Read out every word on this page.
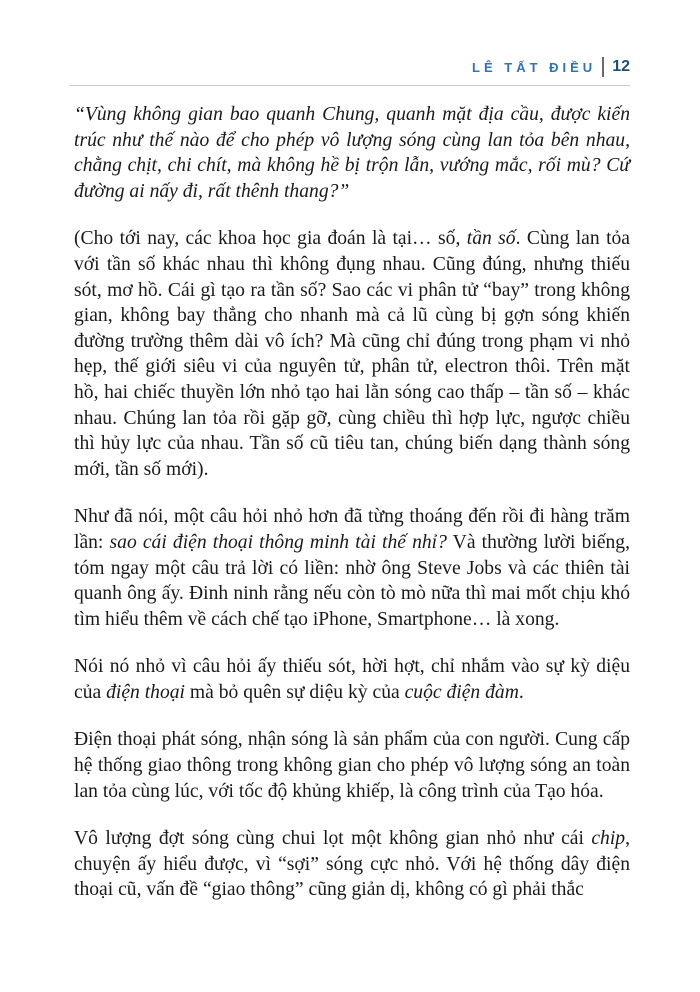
LÊ TẤT ĐIỀU 12

“Vùng không gian bao quanh Chung, quanh mặt địa cầu, được kiến trúc như thế nào để cho phép vô lượng sóng cùng lan tỏa bên nhau, chằng chịt, chi chít, mà không hề bị trộn lẫn, vướng mắc, rối mù? Cứ đường ai nấy đi, rất thênh thang?”

(Cho tới nay, các khoa học gia đoán là tại… số, tần số. Cùng lan tỏa với tần số khác nhau thì không đụng nhau. Cũng đúng, nhưng thiếu sót, mơ hồ. Cái gì tạo ra tần số? Sao các vi phân tử “bay” trong không gian, không bay thẳng cho nhanh mà cả lũ cùng bị gợn sóng khiến đường trường thêm dài vô ích? Mà cũng chỉ đúng trong phạm vi nhỏ hẹp, thế giới siêu vi của nguyên tử, phân tử, electron thôi. Trên mặt hồ, hai chiếc thuyền lớn nhỏ tạo hai lằn sóng cao thấp – tần số – khác nhau. Chúng lan tỏa rồi gặp gỡ, cùng chiều thì hợp lực, ngược chiều thì hủy lực của nhau. Tần số cũ tiêu tan, chúng biến dạng thành sóng mới, tần số mới).

Như đã nói, một câu hỏi nhỏ hơn đã từng thoáng đến rồi đi hàng trăm lần: sao cái điện thoại thông minh tài thế nhỉ? Và thường lười biếng, tóm ngay một câu trả lời có liền: nhờ ông Steve Jobs và các thiên tài quanh ông ấy. Đinh ninh rằng nếu còn tò mò nữa thì mai mốt chịu khó tìm hiểu thêm về cách chế tạo iPhone, Smartphone… là xong.

Nói nó nhỏ vì câu hỏi ấy thiếu sót, hời hợt, chỉ nhắm vào sự kỳ diệu của điện thoại mà bỏ quên sự diệu kỳ của cuộc điện đàm.

Điện thoại phát sóng, nhận sóng là sản phẩm của con người. Cung cấp hệ thống giao thông trong không gian cho phép vô lượng sóng an toàn lan tỏa cùng lúc, với tốc độ khủng khiếp, là công trình của Tạo hóa.

Vô lượng đợt sóng cùng chui lọt một không gian nhỏ như cái chip, chuyện ấy hiểu được, vì “sợi” sóng cực nhỏ. Với hệ thống dây điện thoại cũ, vấn đề “giao thông” cũng giản dị, không có gì phải thắc
